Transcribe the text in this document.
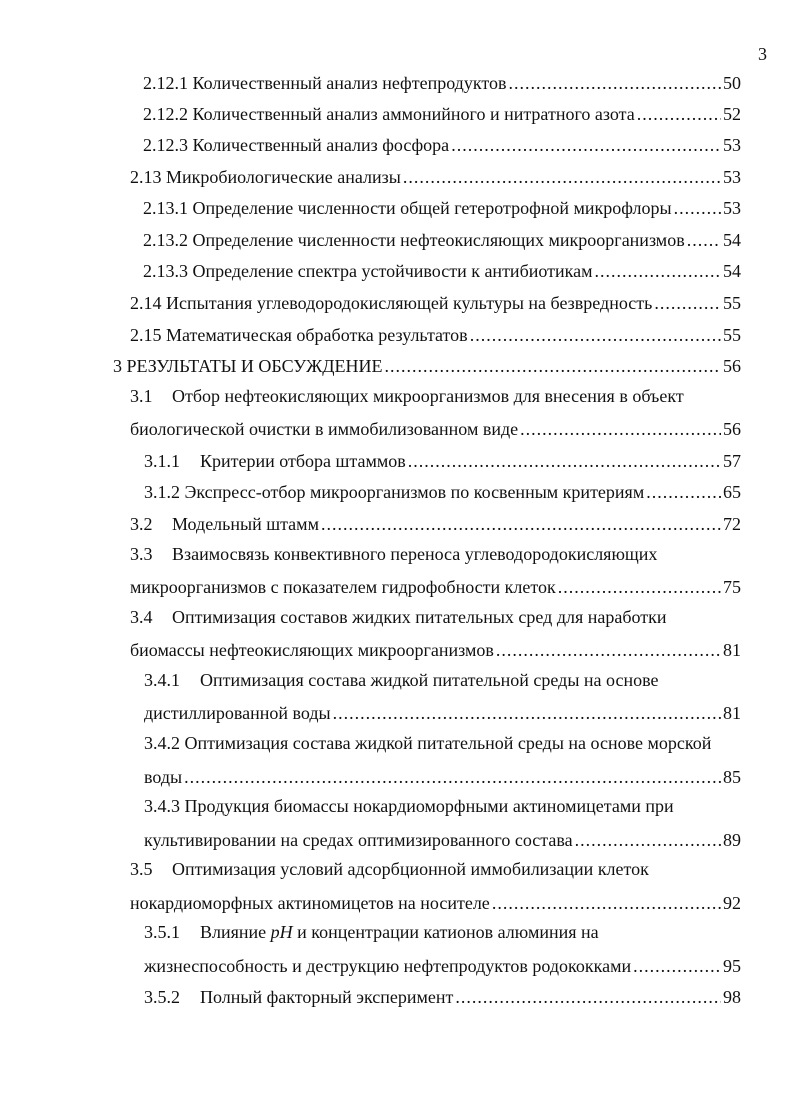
3
2.12.1 Количественный анализ нефтепродуктов .....	50
2.12.2 Количественный анализ аммонийного и нитратного азота .....	52
2.12.3 Количественный анализ фосфора .....	53
2.13 Микробиологические анализы .....	53
2.13.1 Определение численности общей гетеротрофной микрофлоры .....	53
2.13.2 Определение численности нефтеокисляющих микроорганизмов ..... 54
2.13.3 Определение спектра устойчивости к антибиотикам .....	54
2.14 Испытания углеводородокисляющей культуры на безвредность .....	55
2.15 Математическая обработка результатов .....	55
3 РЕЗУЛЬТАТЫ И ОБСУЖДЕНИЕ .....	56
3.1 Отбор нефтеокисляющих микроорганизмов для внесения в объект
биологической очистки в иммобилизованном виде .....	56
3.1.1 Критерии отбора штаммов .....	57
3.1.2 Экспресс-отбор микроорганизмов по косвенным критериям .....	65
3.2 Модельный штамм .....	72
3.3 Взаимосвязь конвективного переноса углеводородокисляющих
микроорганизмов с показателем гидрофобности клеток .....	75
3.4 Оптимизация составов жидких питательных сред для наработки
биомассы нефтеокисляющих микроорганизмов .....	81
3.4.1 Оптимизация состава жидкой питательной среды на основе
дистиллированной воды .....	81
3.4.2 Оптимизация состава жидкой питательной среды на основе морской
воды .....	85
3.4.3 Продукция биомассы нокардиоморфными актиномицетами при
культивировании на средах оптимизированного состава .....	89
3.5 Оптимизация условий адсорбционной иммобилизации клеток
нокардиоморфных актиномицетов на носителе .....	92
3.5.1 Влияние pH и концентрации катионов алюминия на
жизнеспособность и деструкцию нефтепродуктов родококками .....	95
3.5.2 Полный факторный эксперимент .....	98
